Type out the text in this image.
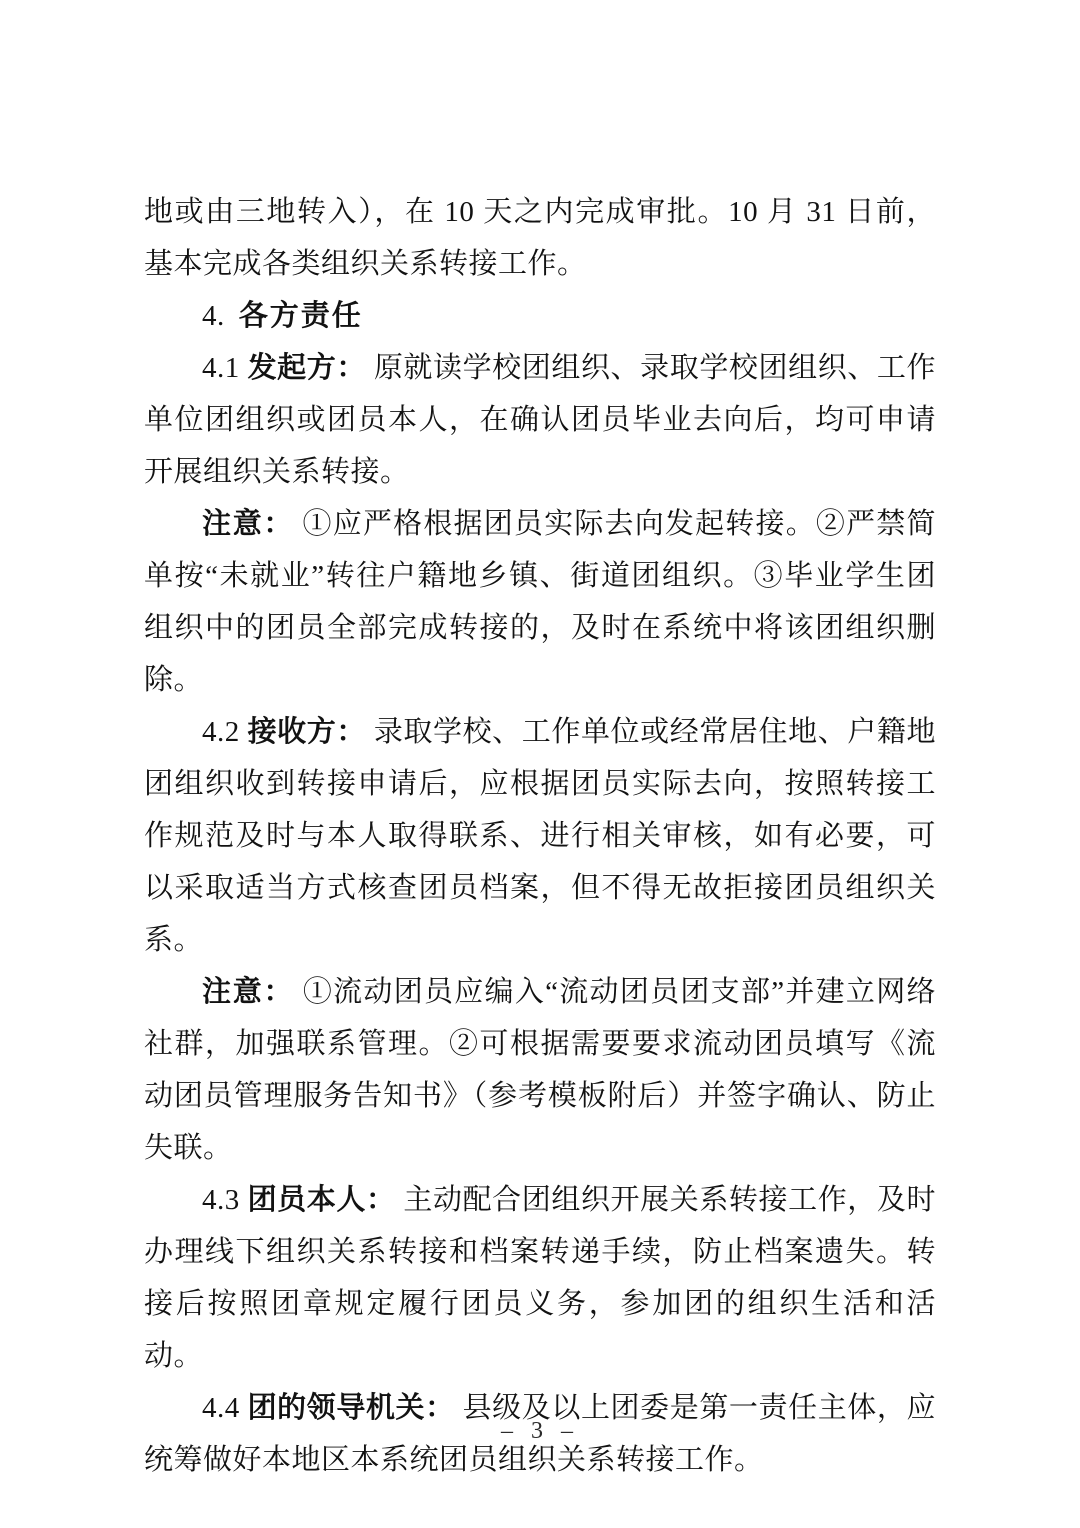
地或由三地转入），在 10 天之内完成审批。10 月 31 日前，基本完成各类组织关系转接工作。

4. 各方责任

4.1 发起方： 原就读学校团组织、录取学校团组织、工作单位团组织或团员本人，在确认团员毕业去向后，均可申请开展组织关系转接。

注意： ①应严格根据团员实际去向发起转接。②严禁简单按“未就业”转往户籍地乡镇、街道团组织。③毕业学生团组织中的团员全部完成转接的，及时在系统中将该团组织删除。

4.2 接收方： 录取学校、工作单位或经常居住地、户籍地团组织收到转接申请后，应根据团员实际去向，按照转接工作规范及时与本人取得联系、进行相关审核，如有必要，可以采取适当方式核查团员档案，但不得无故拒接团员组织关系。

注意： ①流动团员应编入“流动团员团支部”并建立网络社群，加强联系管理。②可根据需要要求流动团员填写《流动团员管理服务告知书》（参考模板附后）并签字确认、防止失联。

4.3 团员本人： 主动配合团组织开展关系转接工作，及时办理线下组织关系转接和档案转递手续，防止档案遗失。转接后按照团章规定履行团员义务，参加团的组织生活和活动。

4.4 团的领导机关： 县级及以上团委是第一责任主体，应统筹做好本地区本系统团员组织关系转接工作。

– 3 –
